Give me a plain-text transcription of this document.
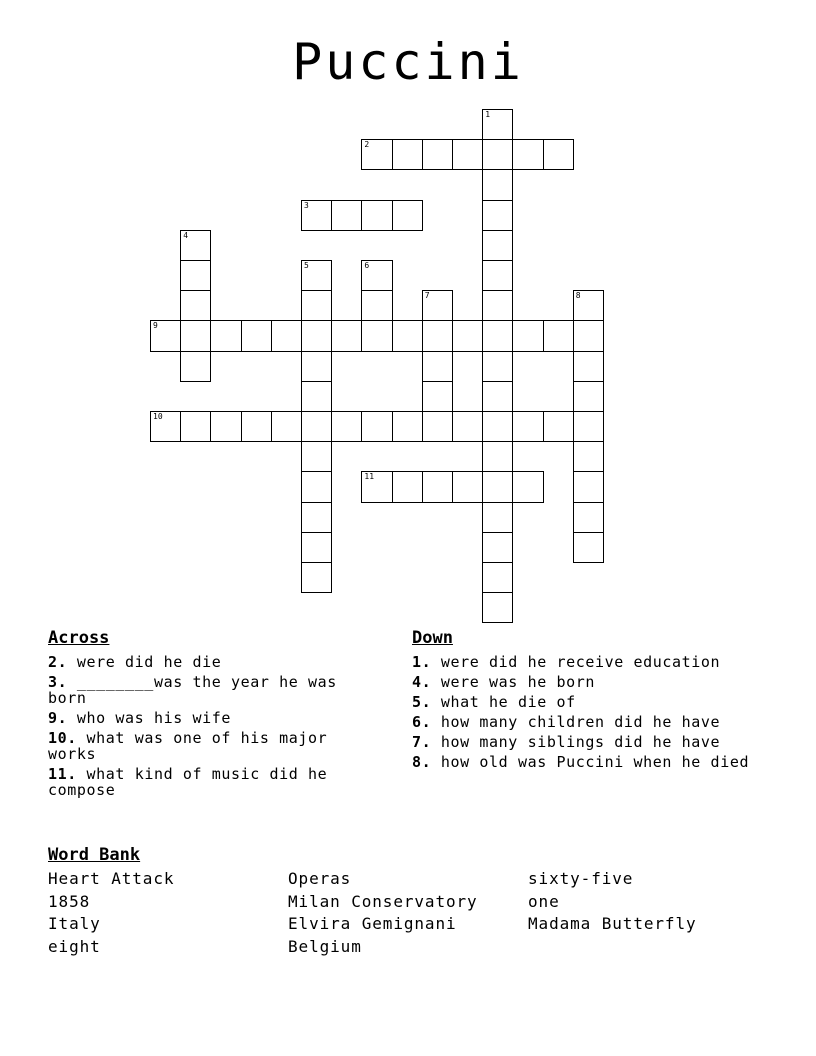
Puccini
1
2
3
4
5	6
7	8
9
10
11
Across
2. were did he die
3. ________was the year he was born
9. who was his wife
10. what was one of his major works
11. what kind of music did he compose
Down
1. were did he receive education
4. were was he born
5. what he die of
6. how many children did he have
7. how many siblings did he have
8. how old was Puccini when he died
Word Bank
Heart Attack
1858
Italy
eight
Operas
Milan Conservatory
Elvira Gemignani
Belgium
sixty-five
one
Madama Butterfly
